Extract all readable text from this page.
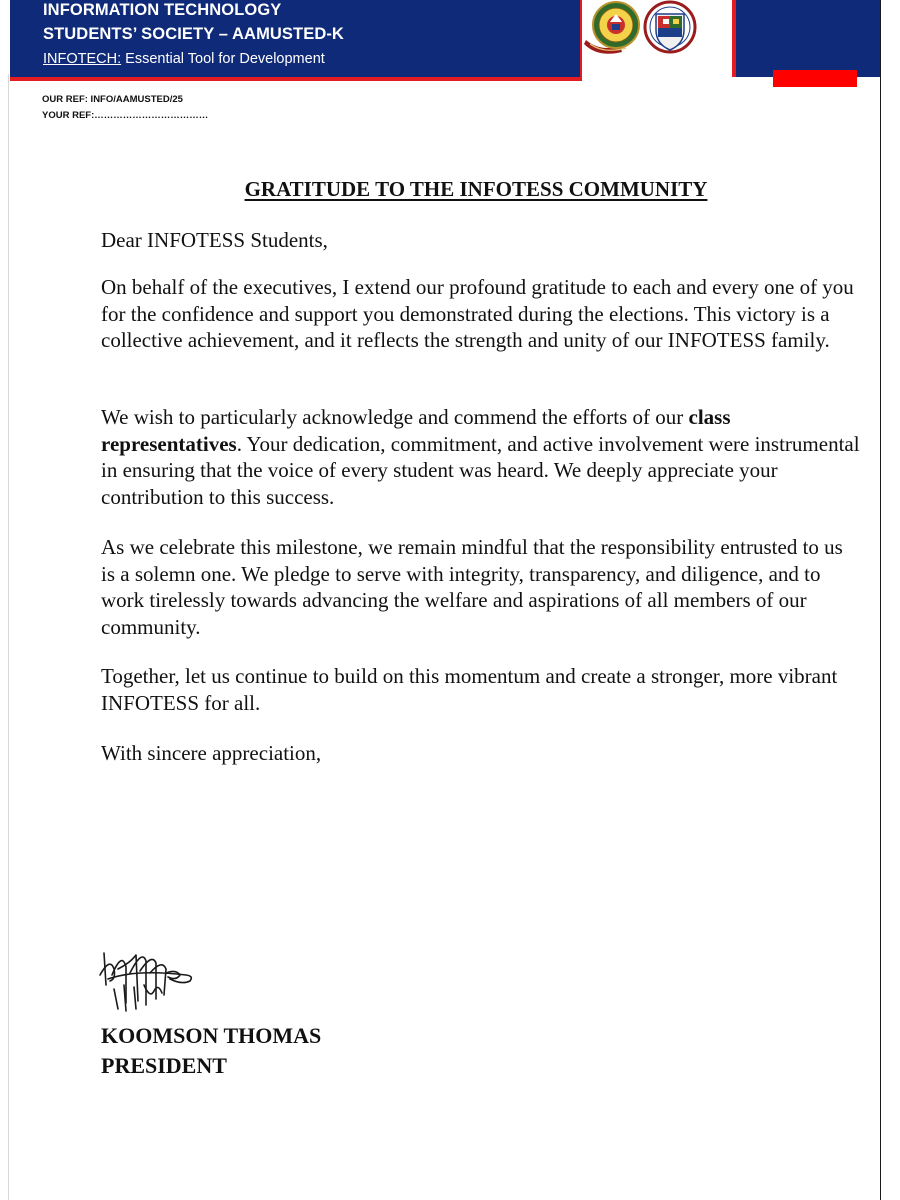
INFORMATION TECHNOLOGY

STUDENTS’ SOCIETY – AAMUSTED-K

INFOTECH: Essential Tool for Development

OUR REF: INFO/AAMUSTED/25

YOUR REF:………………………………

GRATITUDE TO THE INFOTESS COMMUNITY

Dear INFOTESS Students,

On behalf of the executives, I extend our profound gratitude to each and every one of you for the confidence and support you demonstrated during the elections. This victory is a collective achievement, and it reflects the strength and unity of our INFOTESS family.

We wish to particularly acknowledge and commend the efforts of our class representatives. Your dedication, commitment, and active involvement were instrumental in ensuring that the voice of every student was heard. We deeply appreciate your contribution to this success.

As we celebrate this milestone, we remain mindful that the responsibility entrusted to us is a solemn one. We pledge to serve with integrity, transparency, and diligence, and to work tirelessly towards advancing the welfare and aspirations of all members of our community.

Together, let us continue to build on this momentum and create a stronger, more vibrant INFOTESS for all.

With sincere appreciation,

KOOMSON THOMAS

PRESIDENT
